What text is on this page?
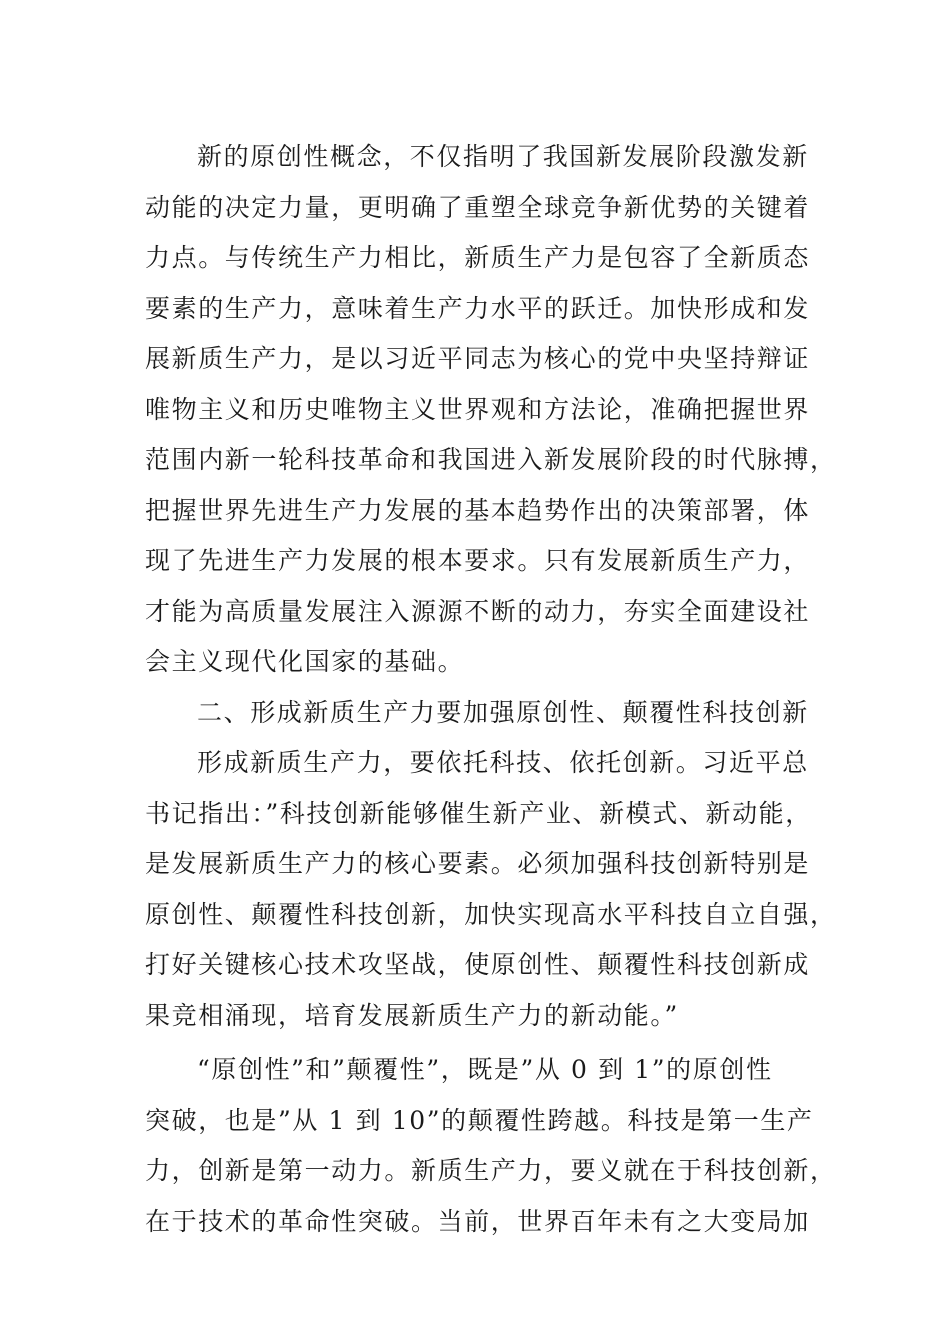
新的原创性概念，不仅指明了我国新发展阶段激发新
动能的决定力量，更明确了重塑全球竞争新优势的关键着
力点。与传统生产力相比，新质生产力是包容了全新质态
要素的生产力，意味着生产力水平的跃迁。加快形成和发
展新质生产力，是以习近平同志为核心的党中央坚持辩证
唯物主义和历史唯物主义世界观和方法论，准确把握世界
范围内新一轮科技革命和我国进入新发展阶段的时代脉搏，
把握世界先进生产力发展的基本趋势作出的决策部署，体
现了先进生产力发展的根本要求。只有发展新质生产力，
才能为高质量发展注入源源不断的动力，夯实全面建设社
会主义现代化国家的基础。
二、形成新质生产力要加强原创性、颠覆性科技创新
形成新质生产力，要依托科技、依托创新。习近平总
书记指出：”科技创新能够催生新产业、新模式、新动能，
是发展新质生产力的核心要素。必须加强科技创新特别是
原创性、颠覆性科技创新，加快实现高水平科技自立自强，
打好关键核心技术攻坚战，使原创性、颠覆性科技创新成
果竞相涌现，培育发展新质生产力的新动能。”
“原创性”和”颠覆性”，既是”从 0 到 1”的原创性
突破，也是”从 1 到 10”的颠覆性跨越。科技是第一生产
力，创新是第一动力。新质生产力，要义就在于科技创新，
在于技术的革命性突破。当前，世界百年未有之大变局加
